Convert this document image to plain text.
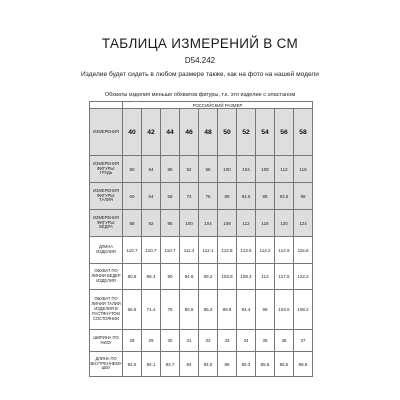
ТАБЛИЦА ИЗМЕРЕНИЙ В СМ
D54.242
Изделие будет сидеть в любом размере также, как на фото на нашей модели
Обхваты изделия меньше обхватов фигуры, т.к. это изделие с эластаном
	РОССИЙСКИЙ РАЗМЕР									
ИЗМЕРЕНИЯ	40	42	44	46	48	50	52	54	56	58
ИЗМЕРЕНИЯ ФИГУРЫ: ГРУДЬ	80	84	88	92	96	100	104	108	112	116
ИЗМЕРЕНИЯ ФИГУРЫ: ТАЛИЯ	60	64	68	72	76	80	84.5	89	93.5	98
ИЗМЕРЕНИЯ ФИГУРЫ: БЁДРА	88	92	96	100	104	108	112	116	120	124
ДЛИНА ИЗДЕЛИЯ	110.7	110.7	110.7	111.4	112.1	112.8	113.5	114.2	114.9	115.6
ОБХВАТ ПО ЛИНИИ БЕДЕР ИЗДЕЛИЯ	80.8	85.4	90	94.6	99.2	103.8	108.4	113	117.6	122.2
ОБХВАТ ПО ЛИНИИ ТАЛИИ ИЗДЕЛИЯ В РАСТЯНУТОМ СОСТОЯНИИ	66.8	71.4	76	80.6	85.2	89.8	94.4	99	103.6	108.2
ШИРИНА ПО НИЗУ	28	29	30	31	32	33	34	35	36	37
ДЛИНА ПО ВНУТРЕННЕМУ ШВУ	84.5	84.1	83.7	84	84.5	85	85.3	85.5	85.5	85.8
